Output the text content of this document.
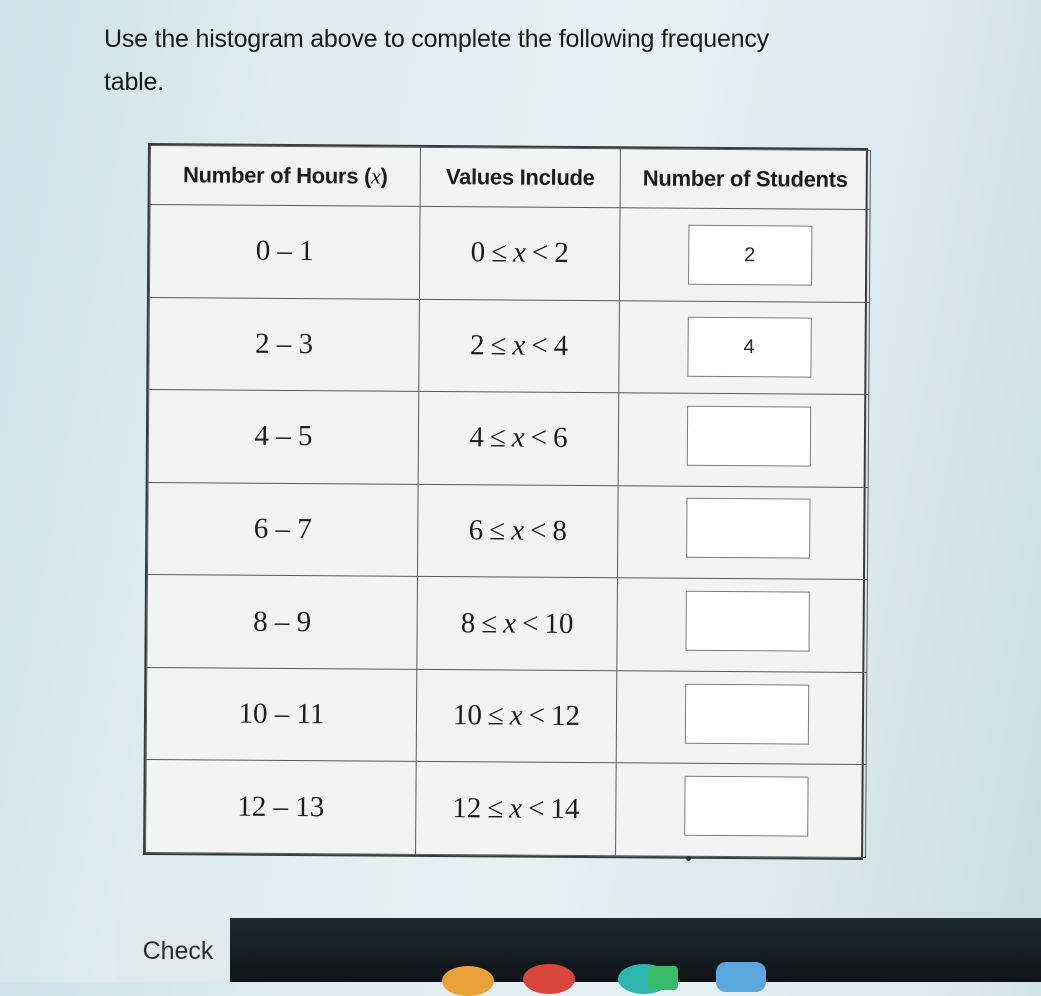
Use the histogram above to complete the following frequency
table.
Number of Hours (x)	Values Include	Number of Students
0 – 1	0 ≤ x < 2	2
2 – 3	2 ≤ x < 4	4
4 – 5	4 ≤ x < 6	
6 – 7	6 ≤ x < 8	
8 – 9	8 ≤ x < 10	
10 – 11	10 ≤ x < 12	
12 – 13	12 ≤ x < 14	
Check
